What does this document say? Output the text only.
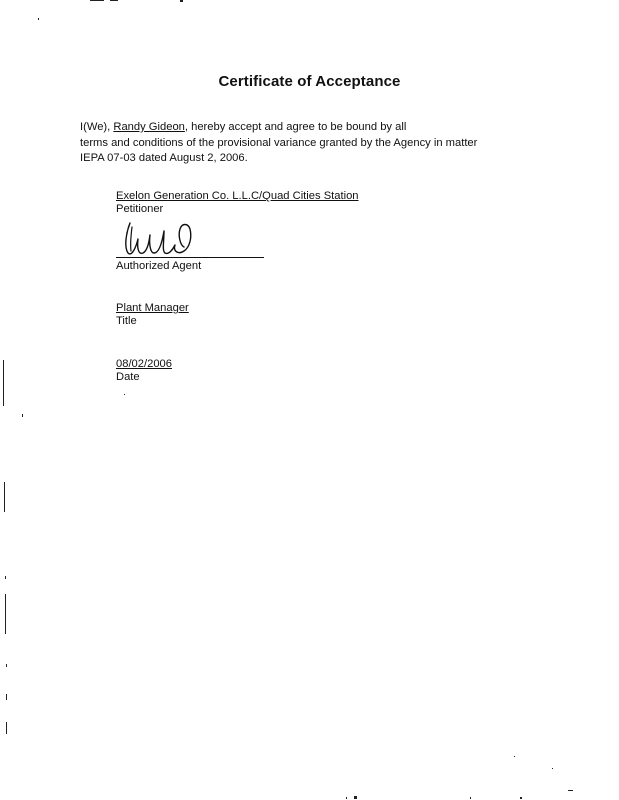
Certificate of Acceptance
I(We), Randy Gideon, hereby accept and agree to be bound by all
terms and conditions of the provisional variance granted by the Agency in matter
IEPA 07-03 dated August 2, 2006.
Exelon Generation Co. L.L.C/Quad Cities Station
Petitioner
Authorized Agent
Plant Manager
Title
08/02/2006
Date
